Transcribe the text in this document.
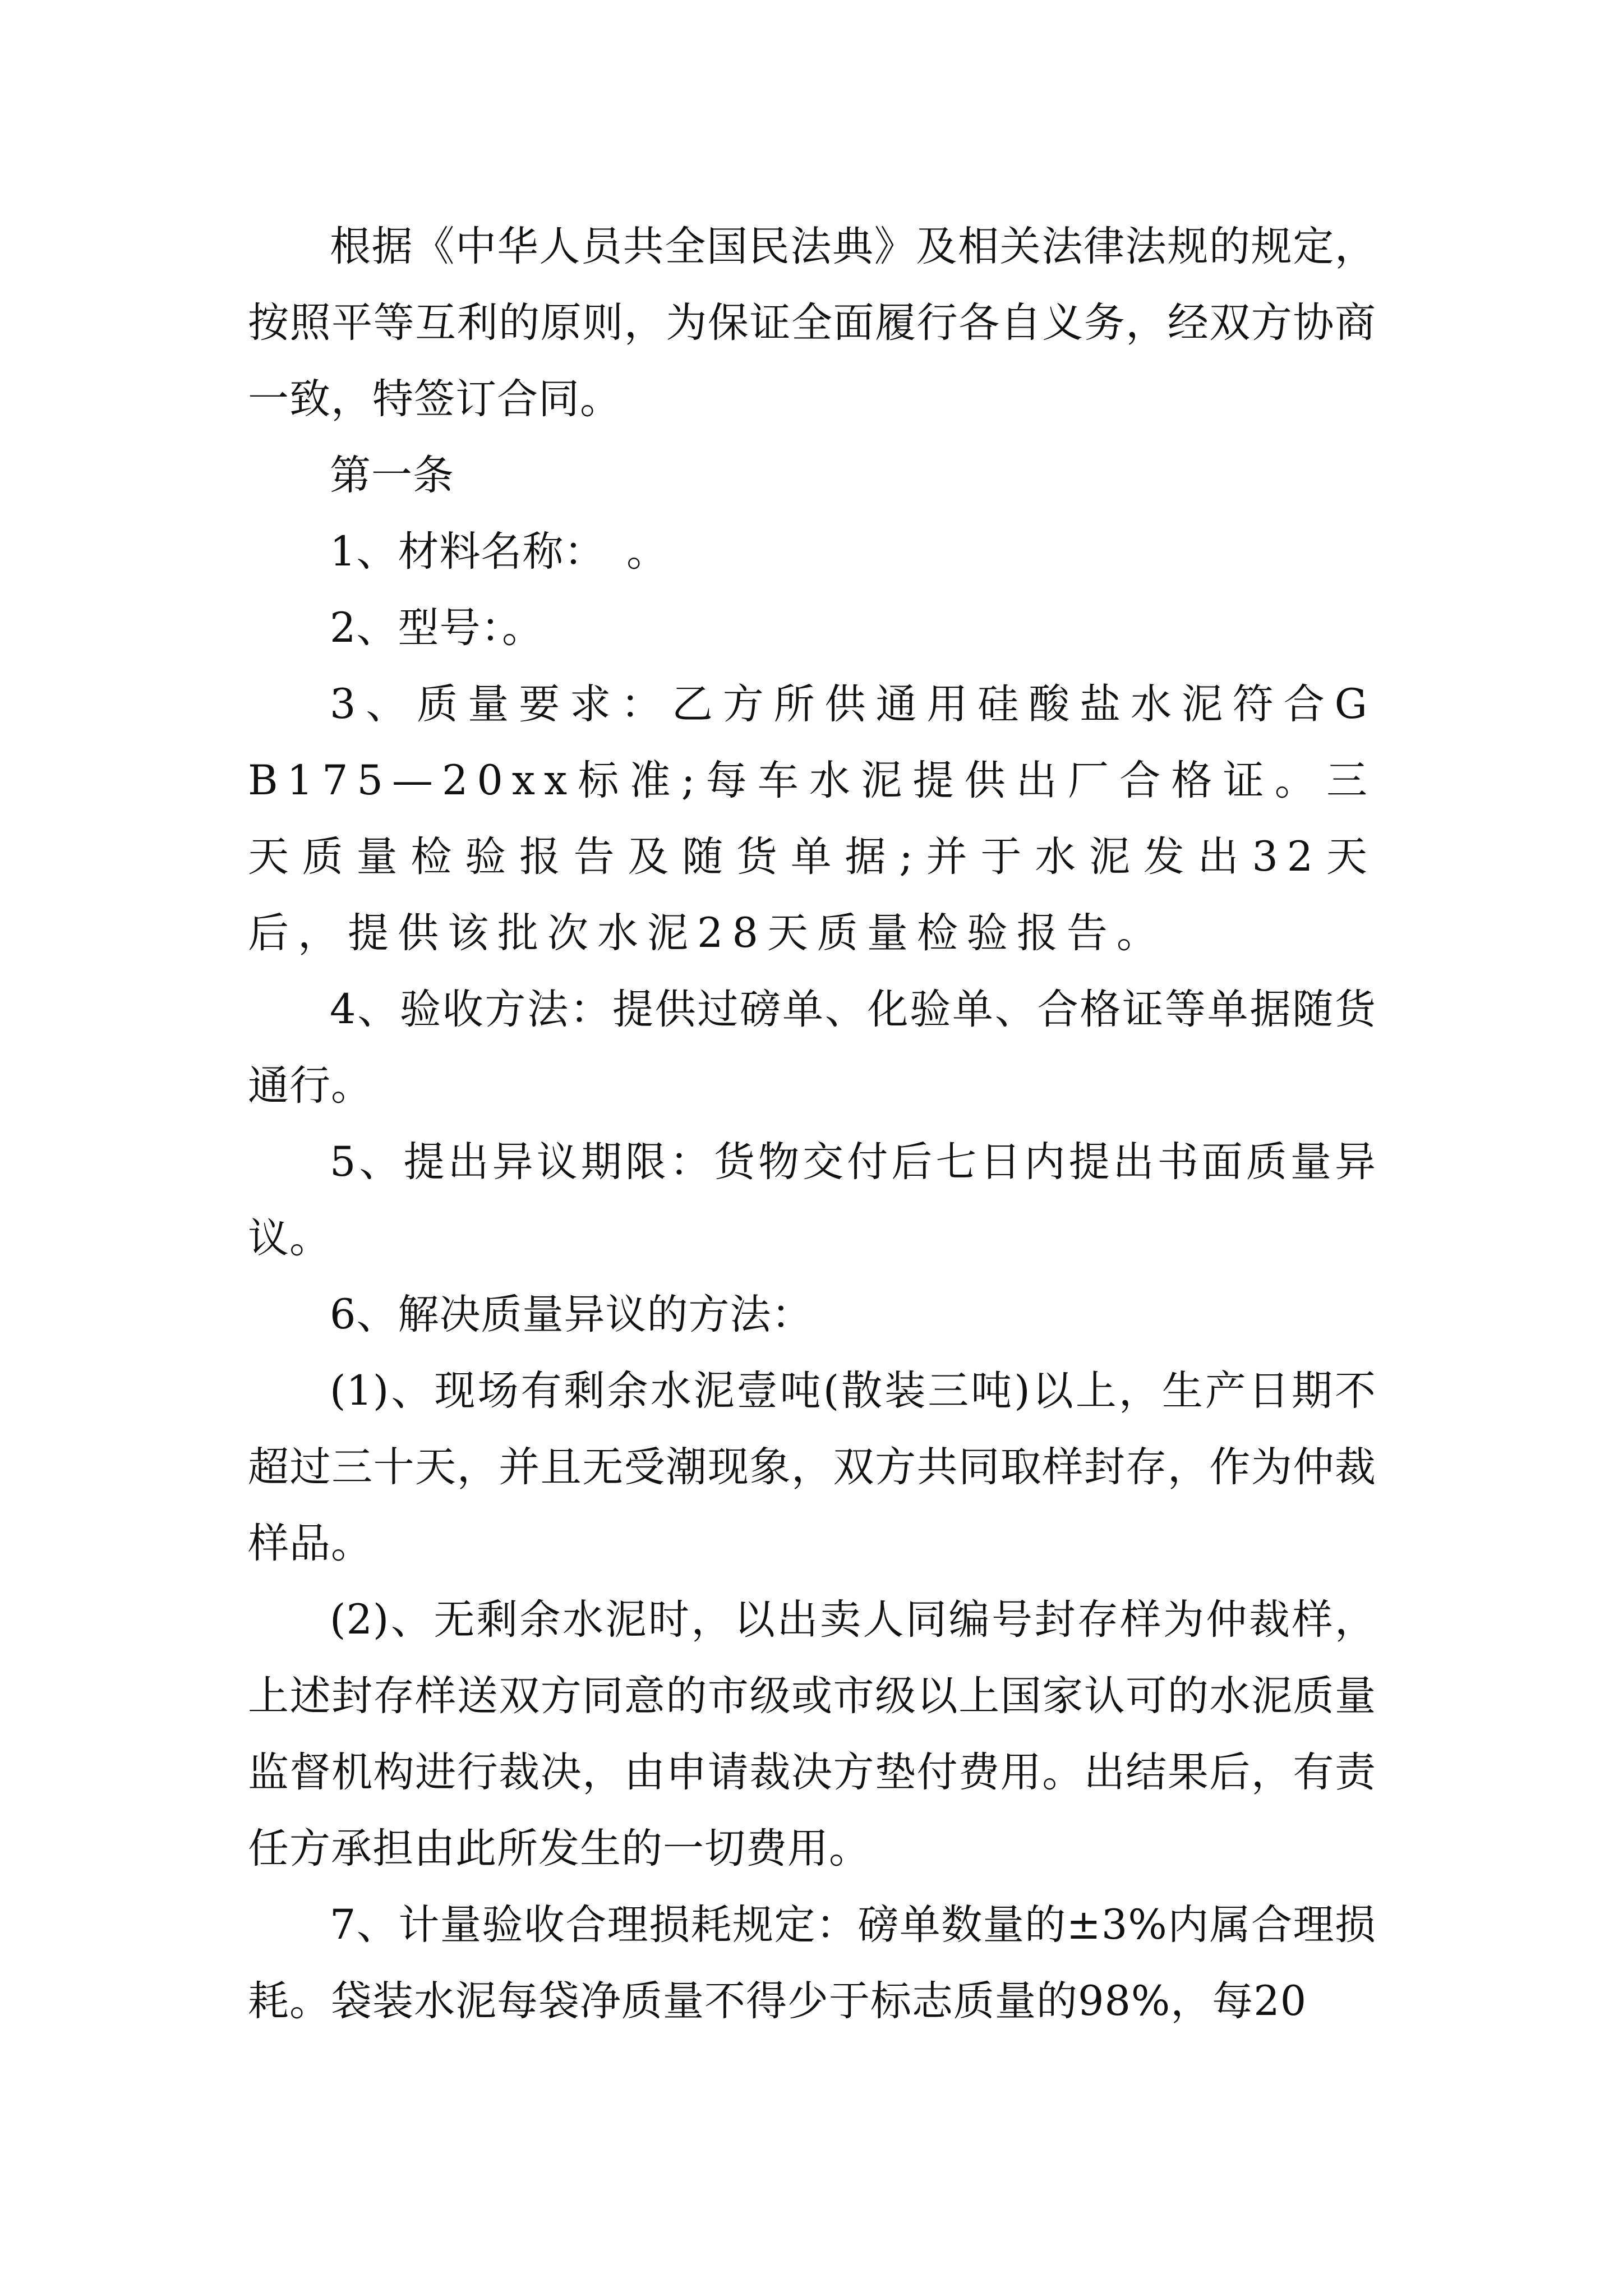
根据《中华人员共全国民法典》及相关法律法规的规定，按照平等互利的原则，为保证全面履行各自义务，经双方协商一致，特签订合同。

第一条

1、材料名称：　。

2、型号：。

3、质量要求：乙方所供通用硅酸盐水泥符合GB175—20xx标准;每车水泥提供出厂合格证。三天质量检验报告及随货单据;并于水泥发出32天后，提供该批次水泥28天质量检验报告。

4、验收方法：提供过磅单、化验单、合格证等单据随货通行。

5、提出异议期限：货物交付后七日内提出书面质量异议。

6、解决质量异议的方法：

(1)、现场有剩余水泥壹吨(散装三吨)以上，生产日期不超过三十天，并且无受潮现象，双方共同取样封存，作为仲裁样品。

(2)、无剩余水泥时，以出卖人同编号封存样为仲裁样，上述封存样送双方同意的市级或市级以上国家认可的水泥质量监督机构进行裁决，由申请裁决方垫付费用。出结果后，有责任方承担由此所发生的一切费用。

7、计量验收合理损耗规定：磅单数量的±3%内属合理损耗。袋装水泥每袋净质量不得少于标志质量的98%，每20
